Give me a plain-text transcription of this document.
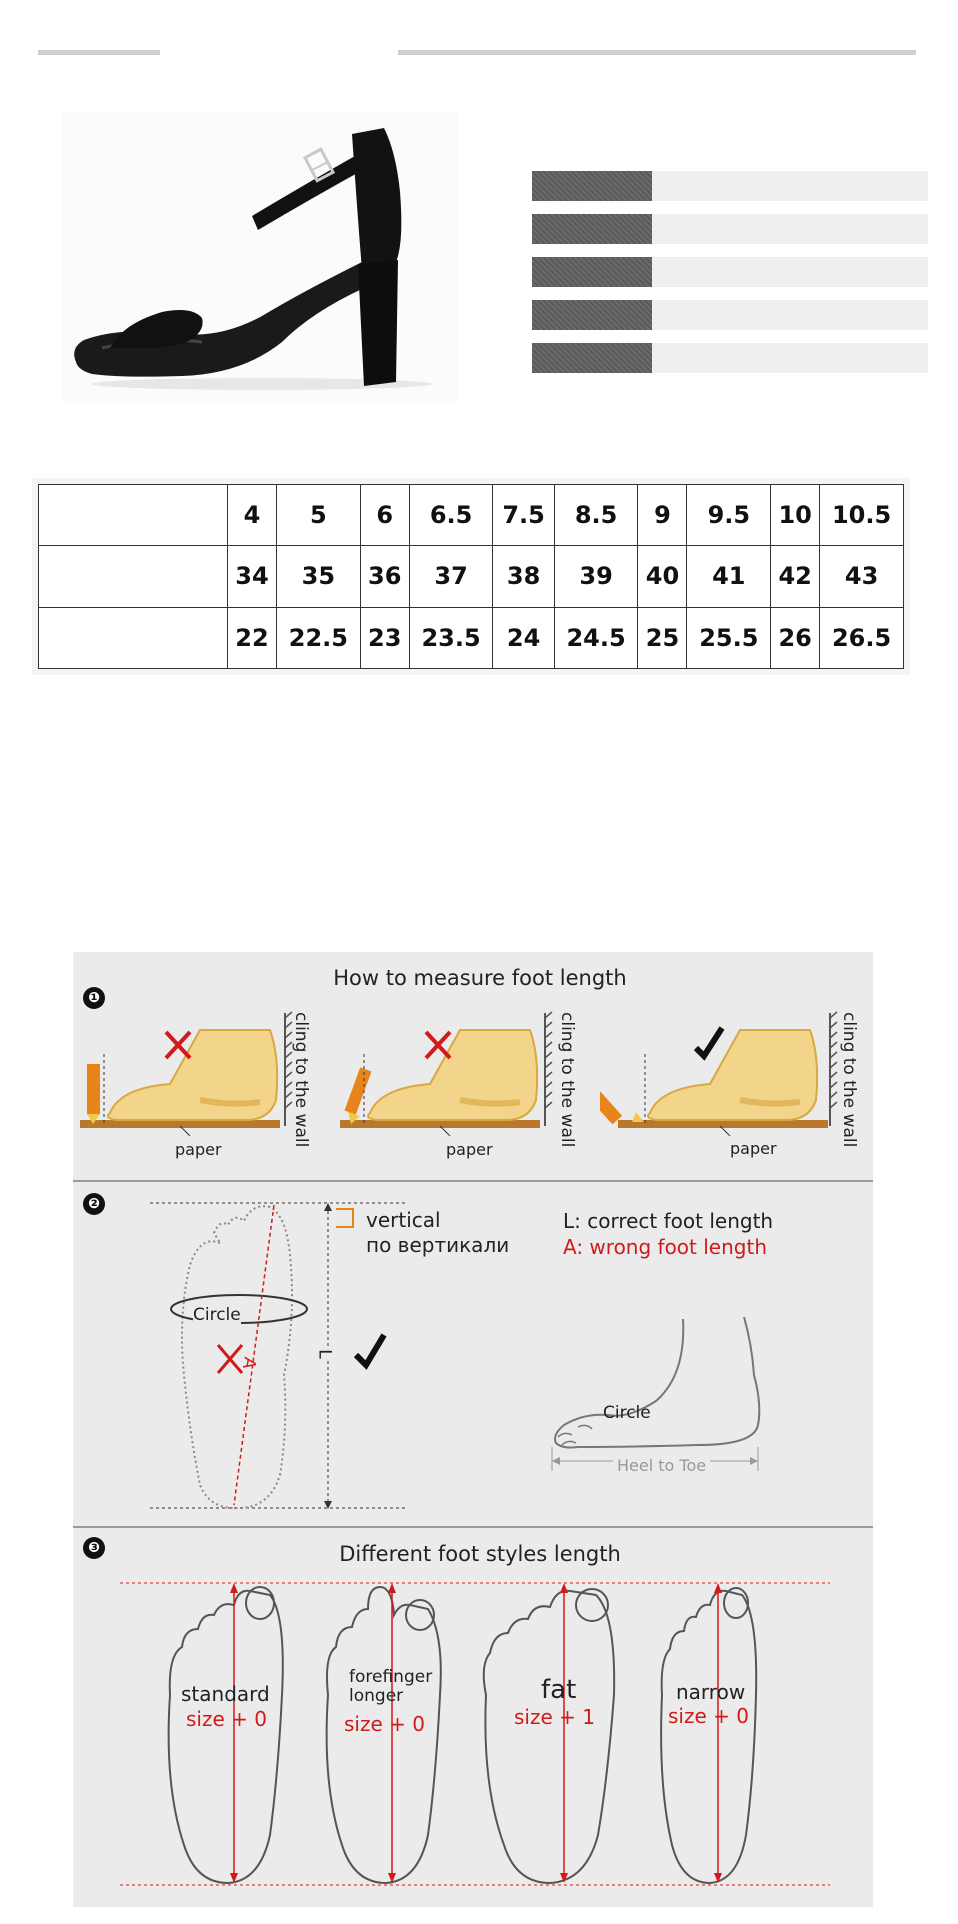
	4	5	6	6.5	7.5	8.5	9	9.5	10	10.5
	34	35	36	37	38	39	40	41	42	43
	22	22.5	23	23.5	24	24.5	25	25.5	26	26.5
❶
How to measure foot length
paper
cling to the wall
paper
cling to the wall
paper
cling to the wall
❷
Circle
A
L
vertical
по вертикали
L: correct foot length
A: wrong foot length
Circle
Heel to Toe
❸	Different foot styles length
standard
size + 0
forefinger
longer
size + 0
fat
size + 1
narrow
size + 0
